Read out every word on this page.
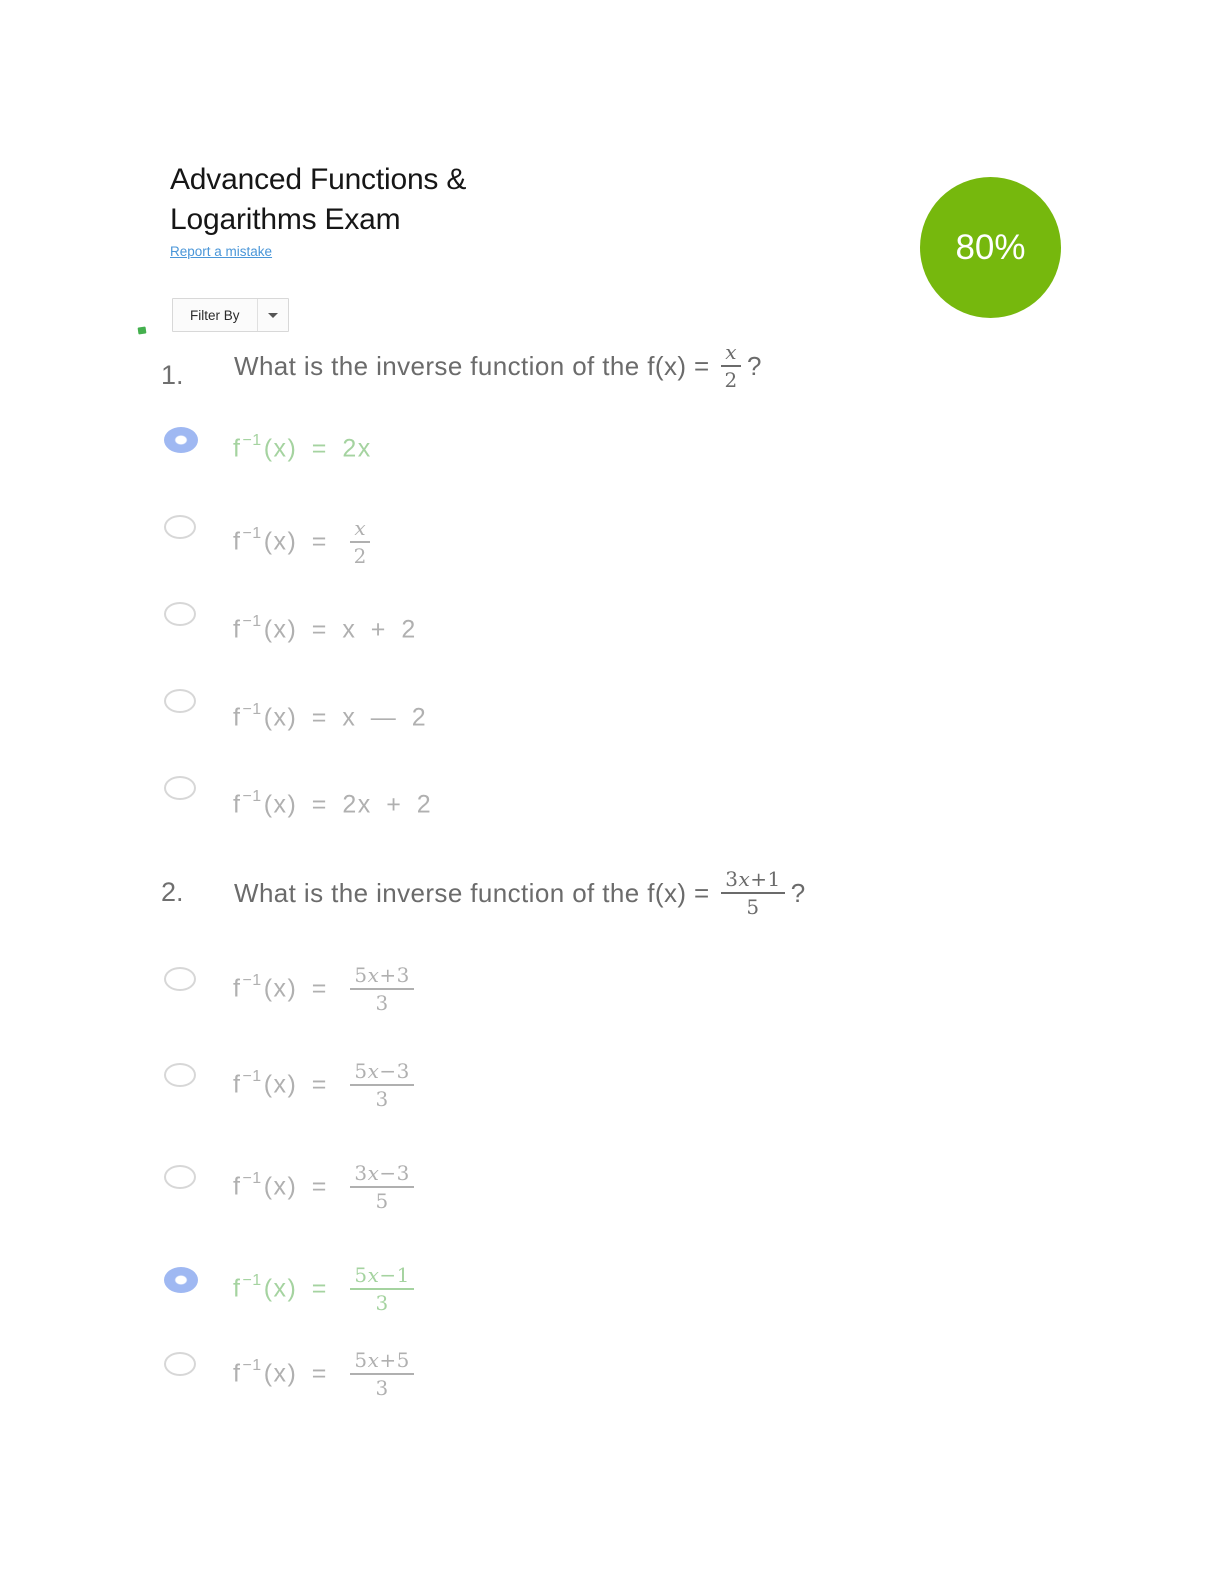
Advanced Functions &
Logarithms Exam
Report a mistake	80%
Filter By
1. What is the inverse function of the $f(x) = \frac{x}{2}$ ?
$f^{-1}(x) = 2x$
$f^{-1}(x) = \frac{x}{2}$
$f^{-1}(x) = x + 2$
$f^{-1}(x) = x$ — 2
$f^{-1}(x) = 2x + 2$
2. What is the inverse function of the $f(x) = \frac{3x+1}{5}$ ?
$f^{-1}(x) = \frac{5x+3}{3}$
$f^{-1}(x) = \frac{5x-3}{3}$
$f^{-1}(x) = \frac{3x-3}{5}$
$f^{-1}(x) = \frac{5x-1}{3}$
$f^{-1}(x) = \frac{5x+5}{3}$
